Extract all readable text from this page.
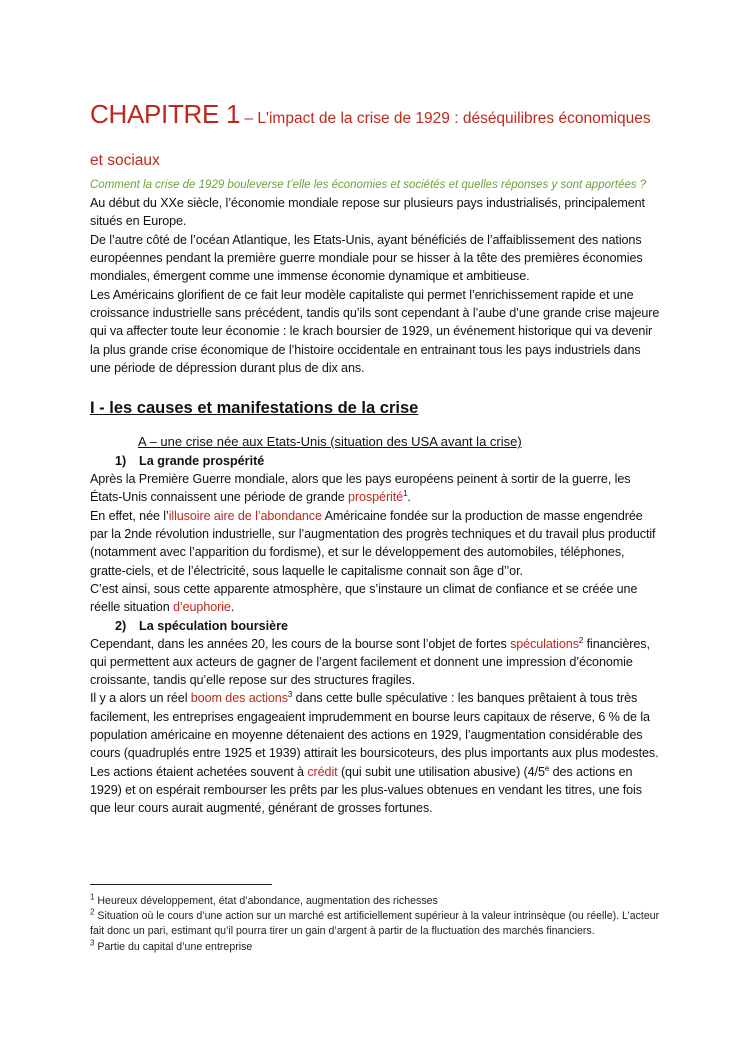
CHAPITRE 1 – L'impact de la crise de 1929 : déséquilibres économiques et sociaux
Comment la crise de 1929 bouleverse t’elle les économies et sociétés et quelles réponses y sont apportées ?

Au début du XXe siècle, l’économie mondiale repose sur plusieurs pays industrialisés, principalement situés en Europe.

De l’autre côté de l’océan Atlantique, les Etats-Unis, ayant bénéficiés de l’affaiblissement des nations européennes pendant la première guerre mondiale pour se hisser à la tête des premières économies mondiales, émergent comme une immense économie dynamique et ambitieuse.

Les Américains glorifient de ce fait leur modèle capitaliste qui permet l’enrichissement rapide et une croissance industrielle sans précédent, tandis qu’ils sont cependant à l’aube d’une grande crise majeure qui va affecter toute leur économie : le krach boursier de 1929, un événement historique qui va devenir la plus grande crise économique de l’histoire occidentale en entrainant tous les pays industriels dans une période de dépression durant plus de dix ans.

I - les causes et manifestations de la crise
A – une crise née aux Etats-Unis (situation des USA avant la crise)
1) La grande prospérité

Après la Première Guerre mondiale, alors que les pays européens peinent à sortir de la guerre, les États-Unis connaissent une période de grande prospérité$^1$.

En effet, née l’illusoire aire de l’abondance Américaine fondée sur la production de masse engendrée par la 2nde révolution industrielle, sur l’augmentation des progrès techniques et du travail plus productif (notamment avec l’apparition du fordisme), et sur le développement des automobiles, téléphones, gratte-ciels, et de l’électricité, sous laquelle le capitalisme connait son âge d’’or.

C’est ainsi, sous cette apparente atmosphère, que s’instaure un climat de confiance et se créée une réelle situation d’euphorie.

2) La spéculation boursière

Cependant, dans les années 20, les cours de la bourse sont l’objet de fortes spéculations$^2$ financières, qui permettent aux acteurs de gagner de l’argent facilement et donnent une impression d’économie croissante, tandis qu’elle repose sur des structures fragiles.

Il y a alors un réel boom des actions$^3$ dans cette bulle spéculative : les banques prêtaient à tous très facilement, les entreprises engageaient imprudemment en bourse leurs capitaux de réserve, 6 % de la population américaine en moyenne détenaient des actions en 1929, l’augmentation considérable des cours (quadruplés entre 1925 et 1939) attirait les boursicoteurs, des plus importants aux plus modestes.

Les actions étaient achetées souvent à crédit (qui subit une utilisation abusive) (4/5e des actions en 1929) et on espérait rembourser les prêts par les plus-values obtenues en vendant les titres, une fois que leur cours aurait augmenté, générant de grosses fortunes.

$^1$ Heureux développement, état d’abondance, augmentation des richesses
$^2$ Situation où le cours d’une action sur un marché est artificiellement supérieur à la valeur intrinsèque (ou réelle). L’acteur fait donc un pari, estimant qu’il pourra tirer un gain d’argent à partir de la fluctuation des marchés financiers.
$^3$ Partie du capital d’une entreprise
